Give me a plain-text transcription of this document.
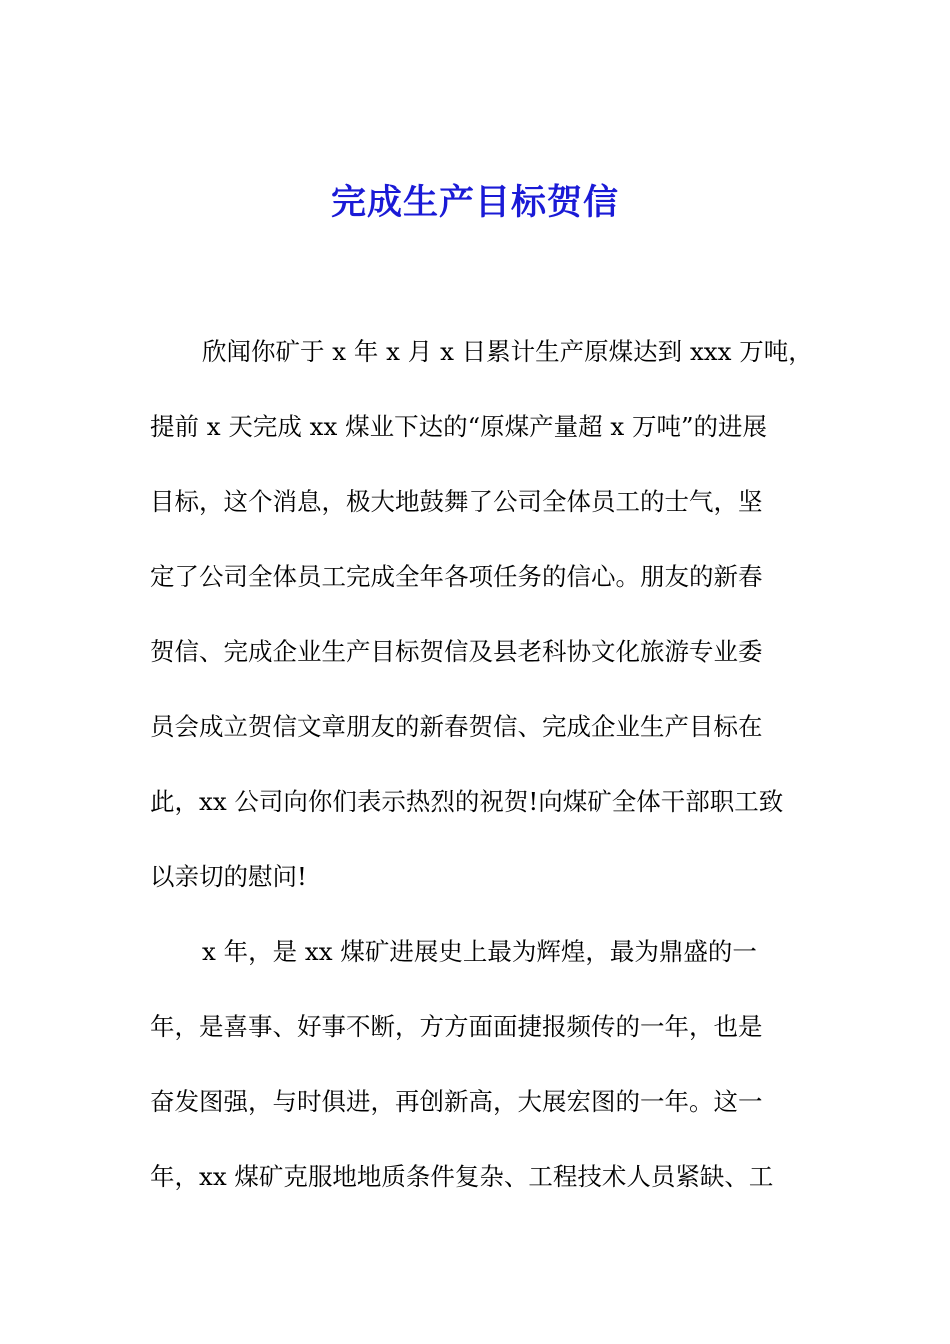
完成生产目标贺信
欣闻你矿于 x 年 x 月 x 日累计生产原煤达到 xxx 万吨，
提前 x 天完成 xx 煤业下达的“原煤产量超 x 万吨”的进展
目标，这个消息，极大地鼓舞了公司全体员工的士气，坚
定了公司全体员工完成全年各项任务的信心。朋友的新春
贺信、完成企业生产目标贺信及县老科协文化旅游专业委
员会成立贺信文章朋友的新春贺信、完成企业生产目标在
此，xx 公司向你们表示热烈的祝贺!向煤矿全体干部职工致
以亲切的慰问!
x 年，是 xx 煤矿进展史上最为辉煌，最为鼎盛的一
年，是喜事、好事不断，方方面面捷报频传的一年，也是
奋发图强，与时俱进，再创新高，大展宏图的一年。这一
年，xx 煤矿克服地地质条件复杂、工程技术人员紧缺、工
